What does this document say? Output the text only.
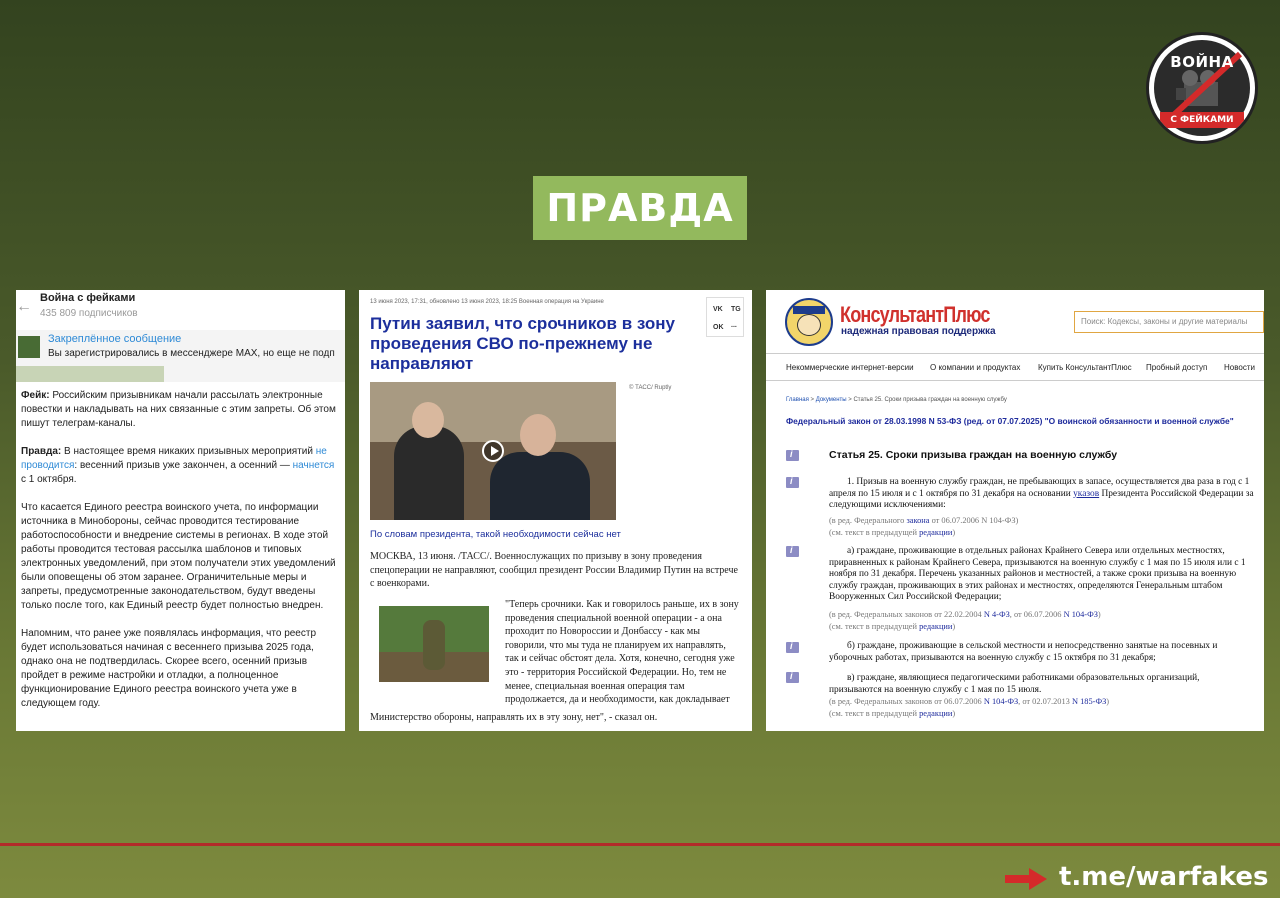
ВОЙНА
С ФЕЙКАМИ
ПРАВДА
← Война с фейками
435 809 подписчиков
Закреплённое сообщение
Вы зарегистрировались в мессенджере MAX, но еще не подп

Фейк: Российским призывникам начали рассылать электронные повестки и накладывать на них связанные с этим запреты. Об этом пишут телеграм-каналы.

Правда: В настоящее время никаких призывных мероприятий не проводится: весенний призыв уже закончен, а осенний — начнется с 1 октября.

Что касается Единого реестра воинского учета, по информации источника в Минобороны, сейчас проводится тестирование работоспособности и внедрение системы в регионах. В ходе этой работы проводится тестовая рассылка шаблонов и типовых электронных уведомлений, при этом получатели этих уведомлений были оповещены об этом заранее. Ограничительные меры и запреты, предусмотренные законодательством, будут введены только после того, как Единый реестр будет полностью внедрен.

Напомним, что ранее уже появлялась информация, что реестр будет использоваться начиная с весеннего призыва 2025 года, однако она не подтвердилась. Скорее всего, осенний призыв пройдет в режиме настройки и отладки, а полноценное функционирование Единого реестра воинского учета уже в следующем году.

13 июня 2023, 17:31, обновлено 13 июня 2023, 18:25 Военная операция на Украине
VK TG
OK ...
Путин заявил, что срочников в зону проведения СВО по-прежнему не направляют
© ТАСС/ Ruptly
По словам президента, такой необходимости сейчас нет
МОСКВА, 13 июня. /ТАСС/. Военнослужащих по призыву в зону проведения спецоперации не направляют, сообщил президент России Владимир Путин на встрече с военкорами.
"Теперь срочники. Как и говорилось раньше, их в зону проведения специальной военной операции - а она проходит по Новороссии и Донбассу - как мы говорили, что мы туда не планируем их направлять, так и сейчас обстоят дела. Хотя, конечно, сегодня уже это - территория Российской Федерации. Но, тем не менее, специальная военная операция там продолжается, да и необходимости, как докладывает
Министерство обороны, направлять их в эту зону, нет", - сказал он.
КонсультантПлюс
надежная правовая поддержка
Поиск: Кодексы, законы и другие материалы
Некоммерческие интернет-версии О компании и продуктах Купить КонсультантПлюс Пробный доступ Новости
Главная > Документы > Статья 25. Сроки призыва граждан на военную службу
Федеральный закон от 28.03.1998 N 53-ФЗ (ред. от 07.07.2025) "О воинской обязанности и военной службе"
i
Статья 25. Сроки призыва граждан на военную службу
i
1. Призыв на военную службу граждан, не пребывающих в запасе, осуществляется два раза в год с 1 апреля по 15 июля и с 1 октября по 31 декабря на основании указов Президента Российской Федерации за следующими исключениями:
(в ред. Федерального закона от 06.07.2006 N 104-ФЗ)
(см. текст в предыдущей редакции)
i
а) граждане, проживающие в отдельных районах Крайнего Севера или отдельных местностях, приравненных к районам Крайнего Севера, призываются на военную службу с 1 мая по 15 июля или с 1 ноября по 31 декабря. Перечень указанных районов и местностей, а также сроки призыва на военную службу граждан, проживающих в этих районах и местностях, определяются Генеральным штабом Вооруженных Сил Российской Федерации;
(в ред. Федеральных законов от 22.02.2004 N 4-ФЗ, от 06.07.2006 N 104-ФЗ)
(см. текст в предыдущей редакции)
i
б) граждане, проживающие в сельской местности и непосредственно занятые на посевных и уборочных работах, призываются на военную службу с 15 октября по 31 декабря;
i
в) граждане, являющиеся педагогическими работниками образовательных организаций, призываются на военную службу с 1 мая по 15 июля.
(в ред. Федеральных законов от 06.07.2006 N 104-ФЗ, от 02.07.2013 N 185-ФЗ)
(см. текст в предыдущей редакции)
t.me/warfakes
